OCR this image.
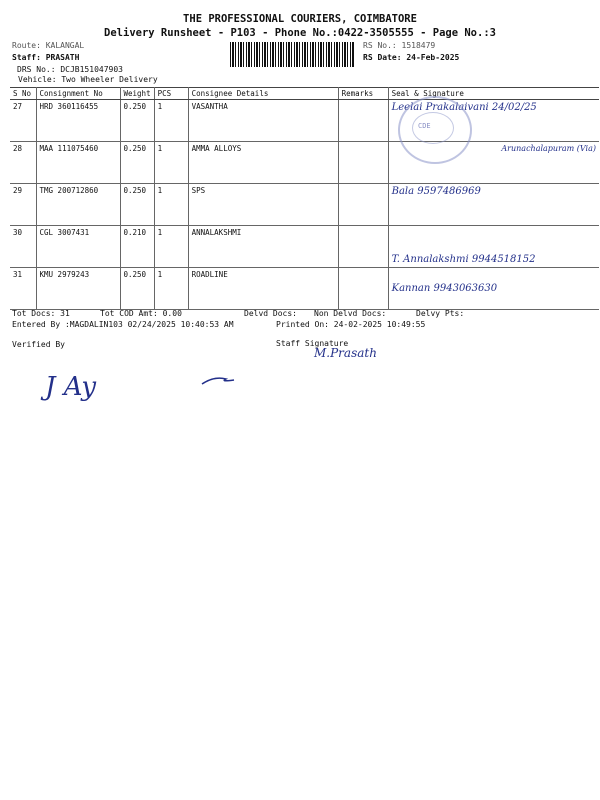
THE PROFESSIONAL COURIERS, COIMBATORE
Delivery Runsheet - P103 - Phone No.:0422-3505555 - Page No.:3
Route: KALANGAL
Staff: PRASATH
DRS No.: DCJB151047903
Vehicle: Two Wheeler Delivery
RS No.: 1518479
RS Date: 24-Feb-2025
S No	Consignment No	Weight	PCS	Consignee Details	Remarks	Seal & Signature
27	HRD 360116455	0.250	1	VASANTHA		Leelai Prakalaivani 24/02/25
28	MAA 111075460	0.250	1	AMMA ALLOYS		Arunachalapuram (Via)
29	TMG 200712860	0.250	1	SPS		Bala 9597486969
30	CGL 3007431	0.210	1	ANNALAKSHMI		T. Annalakshmi 9944518152
31	KMU 2979243	0.250	1	ROADLINE		Kannan 9943063630
CDE
Tot Docs: 31	Tot COD Amt: 0.00	Delvd Docs: Non Delvd Docs:	Delvy Pts:
Entered By :MAGDALIN103 02/24/2025 10:40:53 AM	Printed On: 24-02-2025 10:49:55
Verified By	Staff Signature
M.Prasath
J Ay
